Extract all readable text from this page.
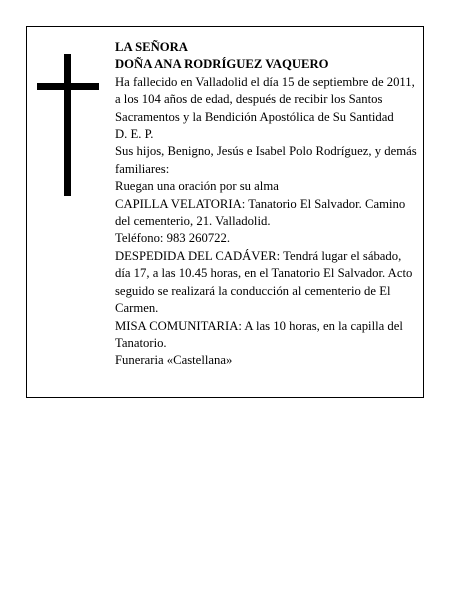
LA SEÑORA

DOÑA ANA RODRÍGUEZ VAQUERO

Ha fallecido en Valladolid el día 15 de septiembre de 2011, a los 104 años de edad, después de recibir los Santos Sacramentos y la Bendición Apostólica de Su Santidad

D. E. P.

Sus hijos, Benigno, Jesús e Isabel Polo Rodríguez, y demás familiares:

Ruegan una oración por su alma

CAPILLA VELATORIA: Tanatorio El Salvador. Camino del cementerio, 21. Valladolid.

Teléfono: 983 260722.

DESPEDIDA DEL CADÁVER: Tendrá lugar el sábado, día 17, a las 10.45 horas, en el Tanatorio El Salvador. Acto seguido se realizará la conducción al cementerio de El Carmen.

MISA COMUNITARIA: A las 10 horas, en la capilla del Tanatorio.

Funeraria «Castellana»
